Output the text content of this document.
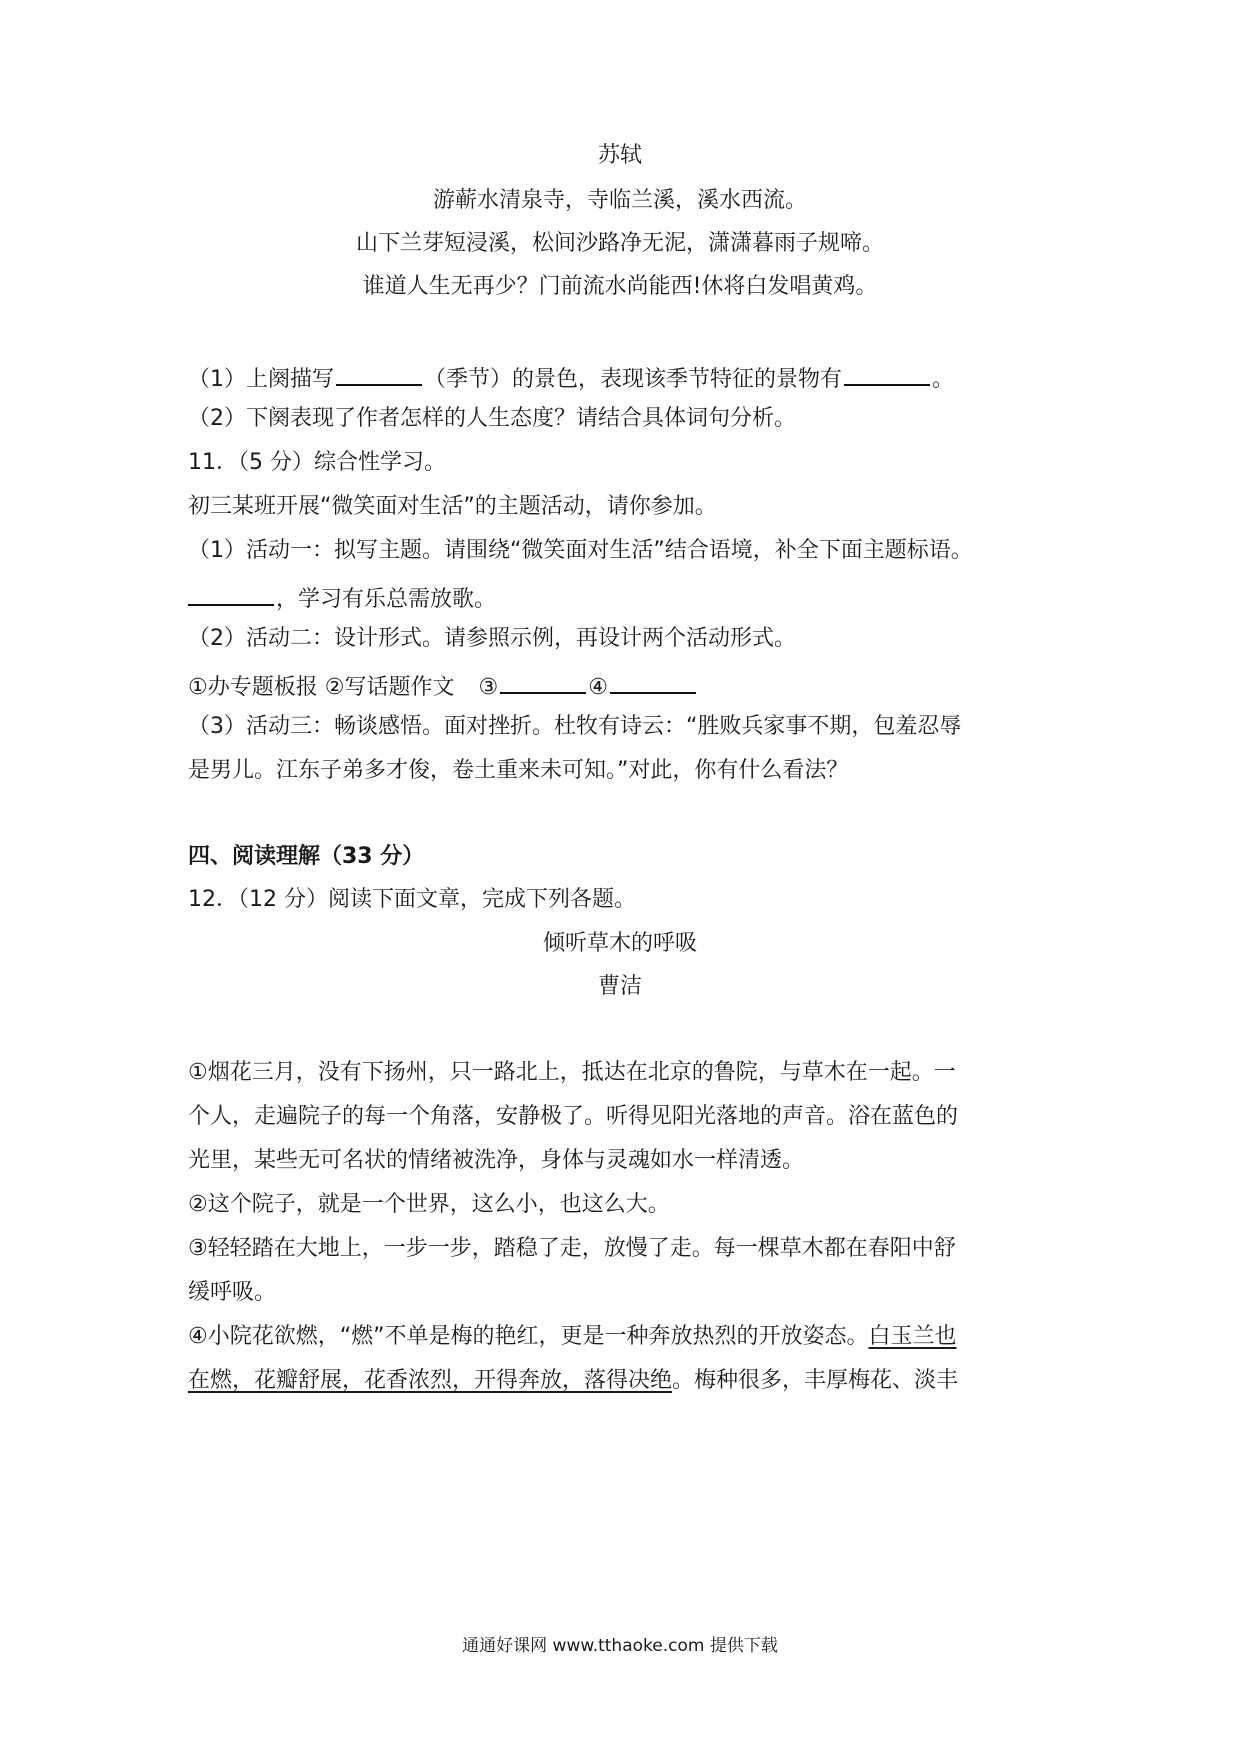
苏轼
游蕲水清泉寺，寺临兰溪，溪水西流。
山下兰芽短浸溪，松间沙路净无泥，潇潇暮雨子规啼。
谁道人生无再少？门前流水尚能西!休将白发唱黄鸡。
（1）上阕描写	（季节）的景色，表现该季节特征的景物有	。
（2）下阕表现了作者怎样的人生态度？请结合具体词句分析。
11．（5 分）综合性学习。
初三某班开展“微笑面对生活”的主题活动，请你参加。
（1）活动一：拟写主题。请围绕“微笑面对生活”结合语境，补全下面主题标语。
，学习有乐总需放歌。
（2）活动二：设计形式。请参照示例，再设计两个活动形式。
①办专题板报 ②写话题作文 ③	④
（3）活动三：畅谈感悟。面对挫折。杜牧有诗云：“胜败兵家事不期，包羞忍辱
是男儿。江东子弟多才俊，卷土重来未可知。”对此，你有什么看法？
四、阅读理解（33 分）
12．（12 分）阅读下面文章，完成下列各题。
倾听草木的呼吸
曹洁
①烟花三月，没有下扬州，只一路北上，抵达在北京的鲁院，与草木在一起。一
个人，走遍院子的每一个角落，安静极了。听得见阳光落地的声音。浴在蓝色的
光里，某些无可名状的情绪被洗净，身体与灵魂如水一样清透。
②这个院子，就是一个世界，这么小，也这么大。
③轻轻踏在大地上，一步一步，踏稳了走，放慢了走。每一棵草木都在春阳中舒
缓呼吸。
④小院花欲燃，“燃”不单是梅的艳红，更是一种奔放热烈的开放姿态。白玉兰也
在燃，花瓣舒展，花香浓烈，开得奔放，落得决绝。梅种很多，丰厚梅花、淡丰
通通好课网 www.tthaoke.com 提供下载
